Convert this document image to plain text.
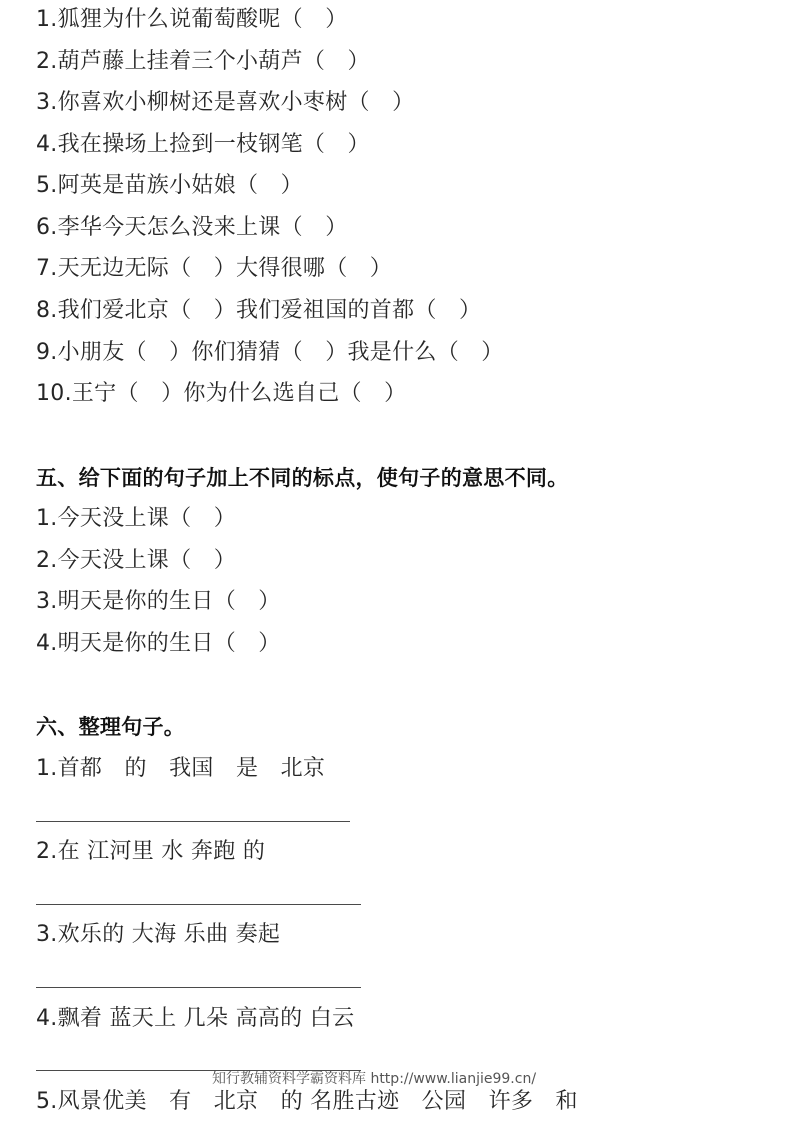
1.狐狸为什么说葡萄酸呢（　）
2.葫芦藤上挂着三个小葫芦（　）
3.你喜欢小柳树还是喜欢小枣树（　）
4.我在操场上捡到一枝钢笔（　）
5.阿英是苗族小姑娘（　）
6.李华今天怎么没来上课（　）
7.天无边无际（　）大得很哪（　）
8.我们爱北京（　）我们爱祖国的首都（　）
9.小朋友（　）你们猜猜（　）我是什么（　）
10.王宁（　）你为什么选自己（　）
五、给下面的句子加上不同的标点，使句子的意思不同。
1.今天没上课（　）
2.今天没上课（　）
3.明天是你的生日（　）
4.明天是你的生日（　）
六、整理句子。
1.首都　的　我国　是　北京
2.在 江河里 水 奔跑 的
3.欢乐的 大海 乐曲 奏起
4.飘着 蓝天上 几朵 高高的 白云
知行教辅资料学霸资料库 http://www.lianjie99.cn/
5.风景优美　有　北京　的 名胜古迹　公园　许多　和
